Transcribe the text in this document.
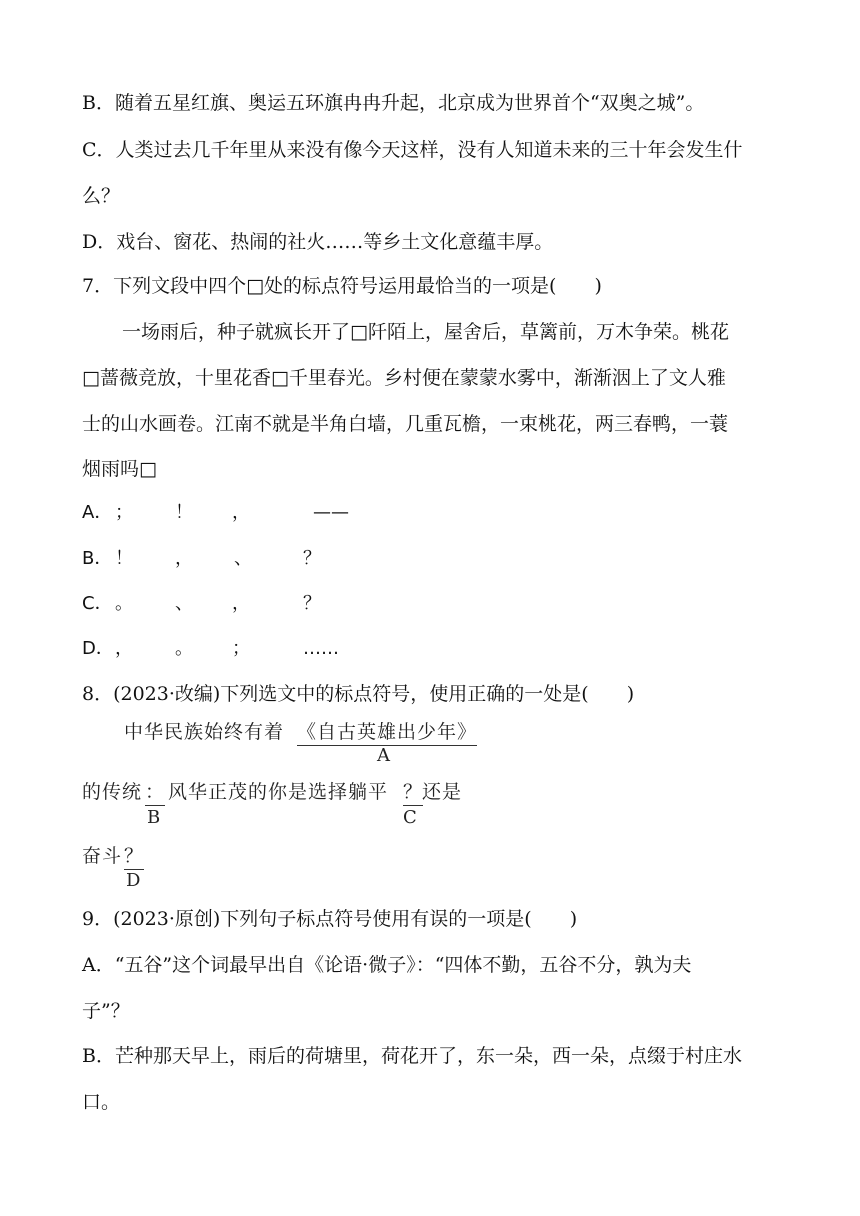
B．随着五星红旗、奥运五环旗冉冉升起，北京成为世界首个“双奥之城”。
C．人类过去几千年里从来没有像今天这样，没有人知道未来的三十年会发生什
么？
D．戏台、窗花、热闹的社火……等乡土文化意蕴丰厚。
7．下列文段中四个□处的标点符号运用最恰当的一项是(　　)
一场雨后，种子就疯长开了□阡陌上，屋舍后，草篱前，万木争荣。桃花
□蔷薇竞放，十里花香□千里春光。乡村便在蒙蒙水雾中，渐渐洇上了文人雅
士的山水画卷。江南不就是半角白墙，几重瓦檐，一束桃花，两三春鸭，一蓑
烟雨吗□
A． ； ！ ，	——
B． ！ ， 、	？
C． 。 、 ，	？
D． ， 。 ；	……
8．(2023·改编)下列选文中的标点符号，使用正确的一处是(　　)
中华民族始终有着 《自古英雄出少年》
A
的传统 ： 风华正茂的你是选择躺平 ？
还是
B	C
奋斗 ？
D
9．(2023·原创)下列句子标点符号使用有误的一项是(　　)
A．“五谷”这个词最早出自《论语·微子》：“四体不勤，五谷不分，孰为夫
子”？
B．芒种那天早上，雨后的荷塘里，荷花开了，东一朵，西一朵，点缀于村庄水
口。
